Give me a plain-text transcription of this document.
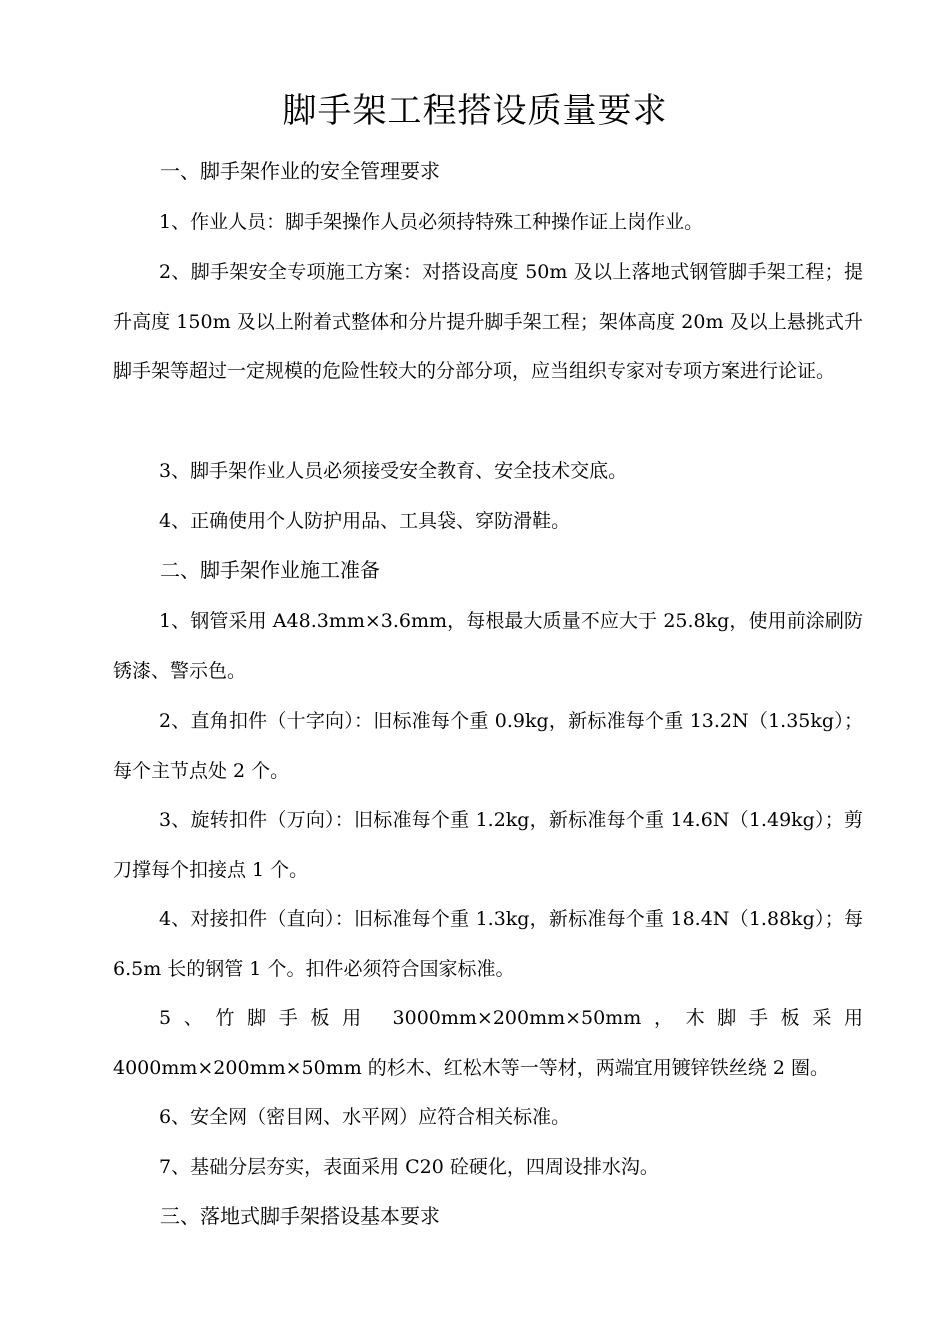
脚手架工程搭设质量要求
一、脚手架作业的安全管理要求

1、作业人员：脚手架操作人员必须持特殊工种操作证上岗作业。

2、脚手架安全专项施工方案：对搭设高度 50m 及以上落地式钢管脚手架工程；提升高度 150m 及以上附着式整体和分片提升脚手架工程；架体高度 20m 及以上悬挑式升脚手架等超过一定规模的危险性较大的分部分项，应当组织专家对专项方案进行论证。

3、脚手架作业人员必须接受安全教育、安全技术交底。

4、正确使用个人防护用品、工具袋、穿防滑鞋。

二、脚手架作业施工准备

1、钢管采用 A48.3mm×3.6mm，每根最大质量不应大于 25.8kg，使用前涂刷防锈漆、警示色。

2、直角扣件（十字向）：旧标准每个重 0.9kg，新标准每个重 13.2N（1.35kg）；每个主节点处 2 个。

3、旋转扣件（万向）：旧标准每个重 1.2kg，新标准每个重 14.6N（1.49kg）；剪刀撑每个扣接点 1 个。

4、对接扣件（直向）：旧标准每个重 1.3kg，新标准每个重 18.4N（1.88kg）；每 6.5m 长的钢管 1 个。扣件必须符合国家标准。

5、竹脚手板用 3000mm×200mm×50mm，木脚手板采用 4000mm×200mm×50mm 的杉木、红松木等一等材，两端宜用镀锌铁丝绕 2 圈。

6、安全网（密目网、水平网）应符合相关标准。

7、基础分层夯实，表面采用 C20 砼硬化，四周设排水沟。

三、落地式脚手架搭设基本要求
